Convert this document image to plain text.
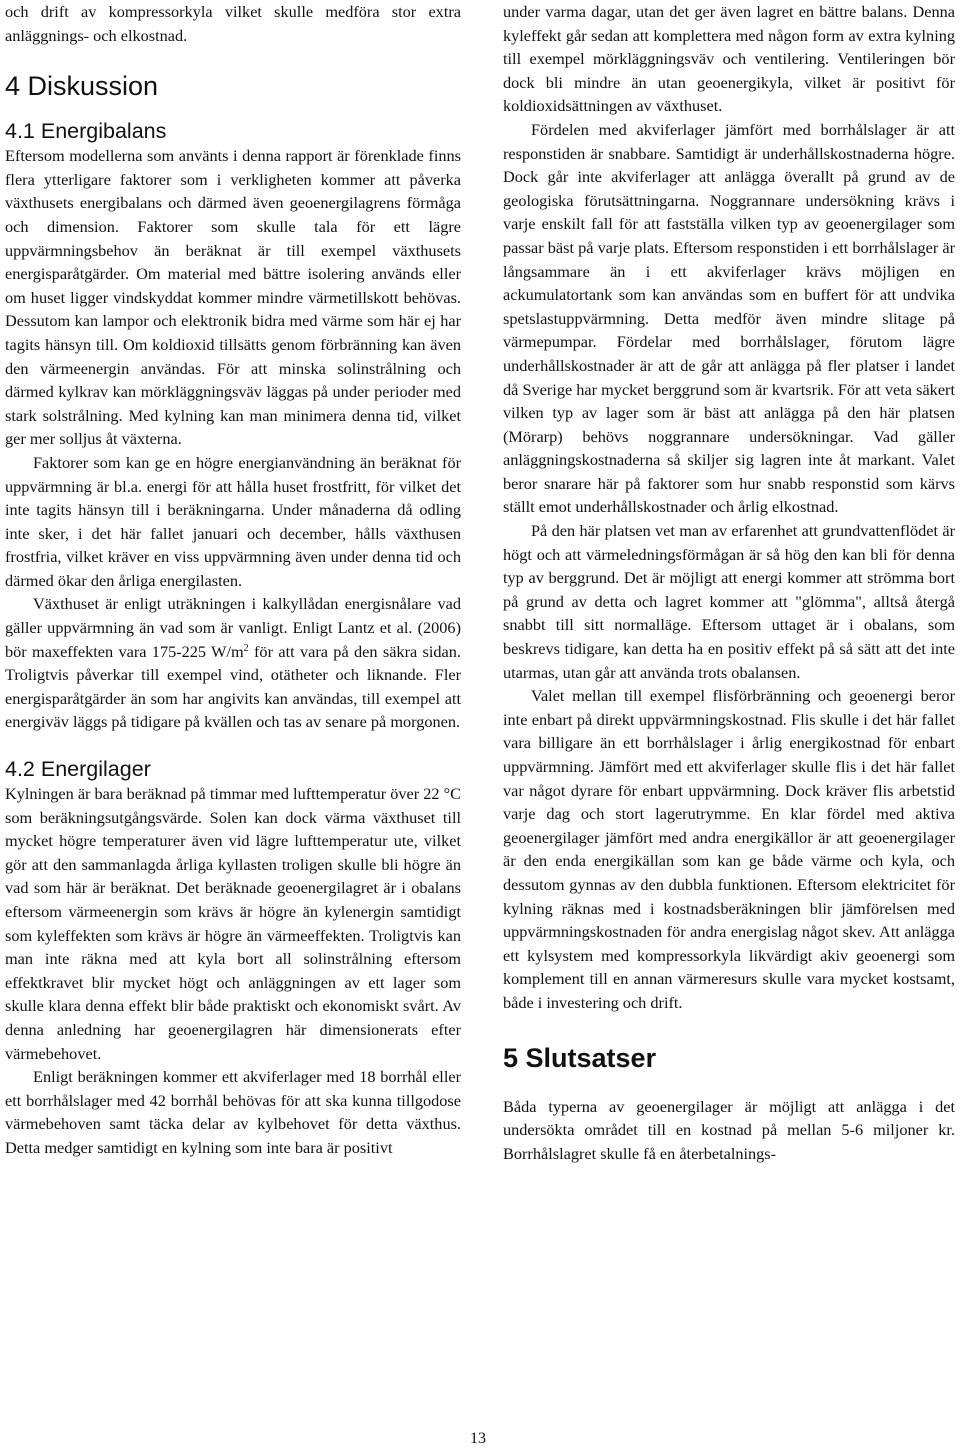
och drift av kompressorkyla vilket skulle medföra stor extra anläggnings- och elkostnad.

4 Diskussion
4.1 Energibalans

Eftersom modellerna som använts i denna rapport är förenklade finns flera ytterligare faktorer som i verkligheten kommer att påverka växthusets energibalans och därmed även geoenergilagrens förmåga och dimension. Faktorer som skulle tala för ett lägre uppvärmningsbehov än beräknat är till exempel växthusets energisparåtgärder. Om material med bättre isolering används eller om huset ligger vindskyddat kommer mindre värmetillskott behövas. Dessutom kan lampor och elektronik bidra med värme som här ej har tagits hänsyn till. Om koldioxid tillsätts genom förbränning kan även den värmeenergin användas. För att minska solinstrålning och därmed kylkrav kan mörkläggningsväv läggas på under perioder med stark solstrålning. Med kylning kan man minimera denna tid, vilket ger mer solljus åt växterna.

Faktorer som kan ge en högre energianvändning än beräknat för uppvärmning är bl.a. energi för att hålla huset frostfritt, för vilket det inte tagits hänsyn till i beräkningarna. Under månaderna då odling inte sker, i det här fallet januari och december, hålls växthusen frostfria, vilket kräver en viss uppvärmning även under denna tid och därmed ökar den årliga energilasten.

Växthuset är enligt uträkningen i kalkyllådan energisnålare vad gäller uppvärmning än vad som är vanligt. Enligt Lantz et al. (2006) bör maxeffekten vara 175-225 $W/m^2$ för att vara på den säkra sidan. Troligtvis påverkar till exempel vind, otätheter och liknande. Fler energisparåtgärder än som har angivits kan användas, till exempel att energiväv läggs på tidigare på kvällen och tas av senare på morgonen.

4.2 Energilager

Kylningen är bara beräknad på timmar med lufttemperatur över 22 °C som beräkningsutgångsvärde. Solen kan dock värma växthuset till mycket högre temperaturer även vid lägre lufttemperatur ute, vilket gör att den sammanlagda årliga kyllasten troligen skulle bli högre än vad som här är beräknat. Det beräknade geoenergilagret är i obalans eftersom värmeenergin som krävs är högre än kylenergin samtidigt som kyleffekten som krävs är högre än värmeeffekten. Troligtvis kan man inte räkna med att kyla bort all solinstrålning eftersom effektkravet blir mycket högt och anläggningen av ett lager som skulle klara denna effekt blir både praktiskt och ekonomiskt svårt. Av denna anledning har geoenergilagren här dimensionerats efter värmebehovet.

Enligt beräkningen kommer ett akviferlager med 18 borrhål eller ett borrhålslager med 42 borrhål behövas för att ska kunna tillgodose värmebehoven samt täcka delar av kylbehovet för detta växthus. Detta medger samtidigt en kylning som inte bara är positivt

under varma dagar, utan det ger även lagret en bättre balans. Denna kyleffekt går sedan att komplettera med någon form av extra kylning till exempel mörkläggningsväv och ventilering. Ventileringen bör dock bli mindre än utan geoenergikyla, vilket är positivt för koldioxidsättningen av växthuset.

Fördelen med akviferlager jämfört med borrhålslager är att responstiden är snabbare. Samtidigt är underhållskostnaderna högre. Dock går inte akviferlager att anlägga överallt på grund av de geologiska förutsättningarna. Noggrannare undersökning krävs i varje enskilt fall för att fastställa vilken typ av geoenergilager som passar bäst på varje plats. Eftersom responstiden i ett borrhålslager är långsammare än i ett akviferlager krävs möjligen en ackumulatortank som kan användas som en buffert för att undvika spetslastuppvärmning. Detta medför även mindre slitage på värmepumpar. Fördelar med borrhålslager, förutom lägre underhållskostnader är att de går att anlägga på fler platser i landet då Sverige har mycket berggrund som är kvartsrik. För att veta säkert vilken typ av lager som är bäst att anlägga på den här platsen (Mörarp) behövs noggrannare undersökningar. Vad gäller anläggningskostnaderna så skiljer sig lagren inte åt markant. Valet beror snarare här på faktorer som hur snabb responstid som kärvs ställt emot underhållskostnader och årlig elkostnad.

På den här platsen vet man av erfarenhet att grundvattenflödet är högt och att värmeledningsförmågan är så hög den kan bli för denna typ av berggrund. Det är möjligt att energi kommer att strömma bort på grund av detta och lagret kommer att "glömma", alltså återgå snabbt till sitt normalläge. Eftersom uttaget är i obalans, som beskrevs tidigare, kan detta ha en positiv effekt på så sätt att det inte utarmas, utan går att använda trots obalansen.

Valet mellan till exempel flisförbränning och geoenergi beror inte enbart på direkt uppvärmningskostnad. Flis skulle i det här fallet vara billigare än ett borrhålslager i årlig energikostnad för enbart uppvärmning. Jämfört med ett akviferlager skulle flis i det här fallet var något dyrare för enbart uppvärmning. Dock kräver flis arbetstid varje dag och stort lagerutrymme. En klar fördel med aktiva geoenergilager jämfört med andra energikällor är att geoenergilager är den enda energikällan som kan ge både värme och kyla, och dessutom gynnas av den dubbla funktionen. Eftersom elektricitet för kylning räknas med i kostnadsberäkningen blir jämförelsen med uppvärmningskostnaden för andra energislag något skev. Att anlägga ett kylsystem med kompressorkyla likvärdigt akiv geoenergi som komplement till en annan värmeresurs skulle vara mycket kostsamt, både i investering och drift.

5 Slutsatser

Båda typerna av geoenergilager är möjligt att anlägga i det undersökta området till en kostnad på mellan 5-6 miljoner kr. Borrhålslagret skulle få en återbetalnings-

13
